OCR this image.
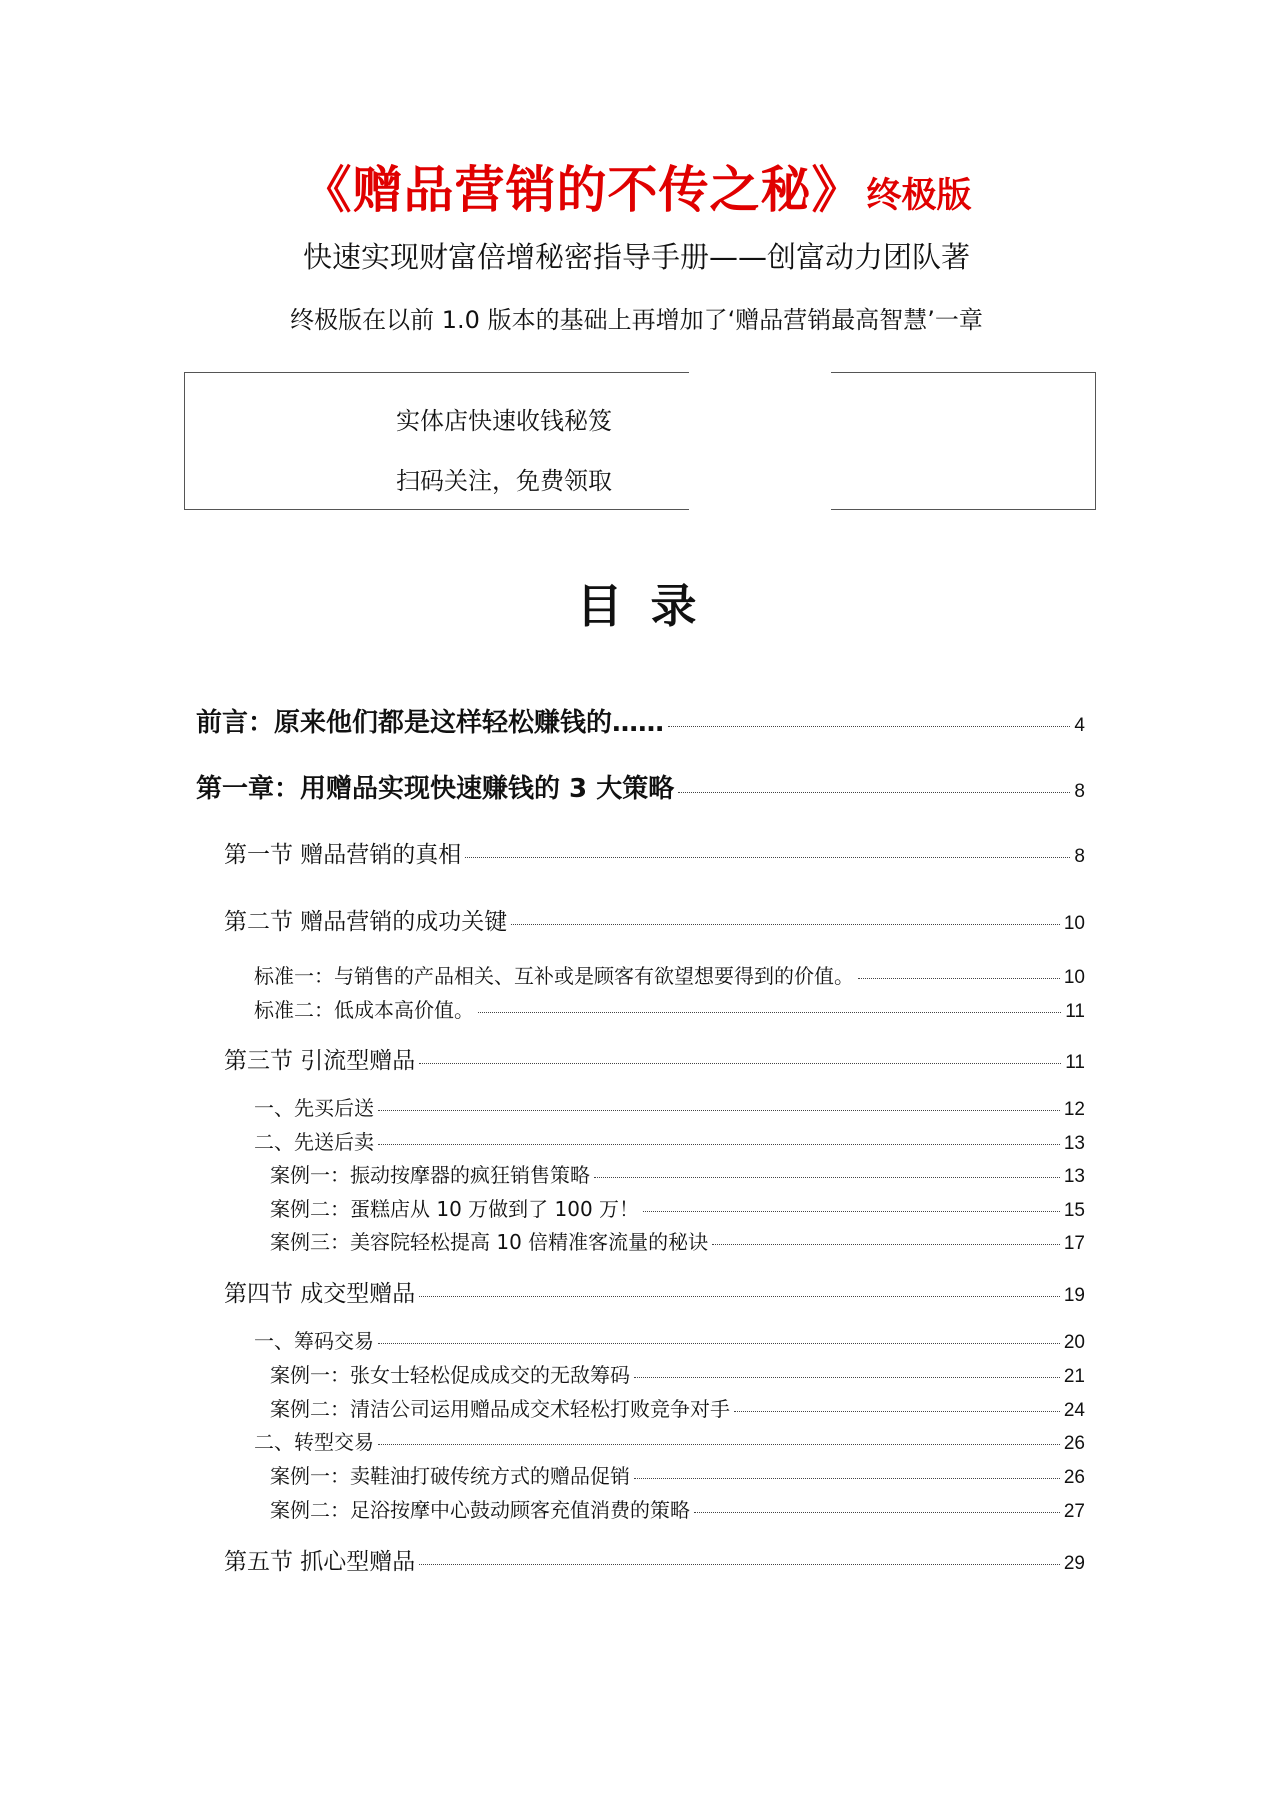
《赠品营销的不传之秘》 终极版
快速实现财富倍增秘密指导手册——创富动力团队著
终极版在以前 1.0 版本的基础上再增加了‘赠品营销最高智慧’一章
实体店快速收钱秘笈
扫码关注，免费领取
目录
前言：原来他们都是这样轻松赚钱的……	4
第一章：用赠品实现快速赚钱的 3 大策略	8
第一节 赠品营销的真相	8
第二节 赠品营销的成功关键	10
标准一：与销售的产品相关、互补或是顾客有欲望想要得到的价值。	10
标准二：低成本高价值。	11
第三节 引流型赠品	11
一、先买后送	12
二、先送后卖	13
案例一：振动按摩器的疯狂销售策略	13
案例二：蛋糕店从 10 万做到了 100 万！	15
案例三：美容院轻松提高 10 倍精准客流量的秘诀	17
第四节 成交型赠品	19
一、筹码交易	20
案例一：张女士轻松促成成交的无敌筹码	21
案例二：清洁公司运用赠品成交术轻松打败竞争对手	24
二、转型交易	26
案例一：卖鞋油打破传统方式的赠品促销	26
案例二：足浴按摩中心鼓动顾客充值消费的策略	27
第五节 抓心型赠品	29
